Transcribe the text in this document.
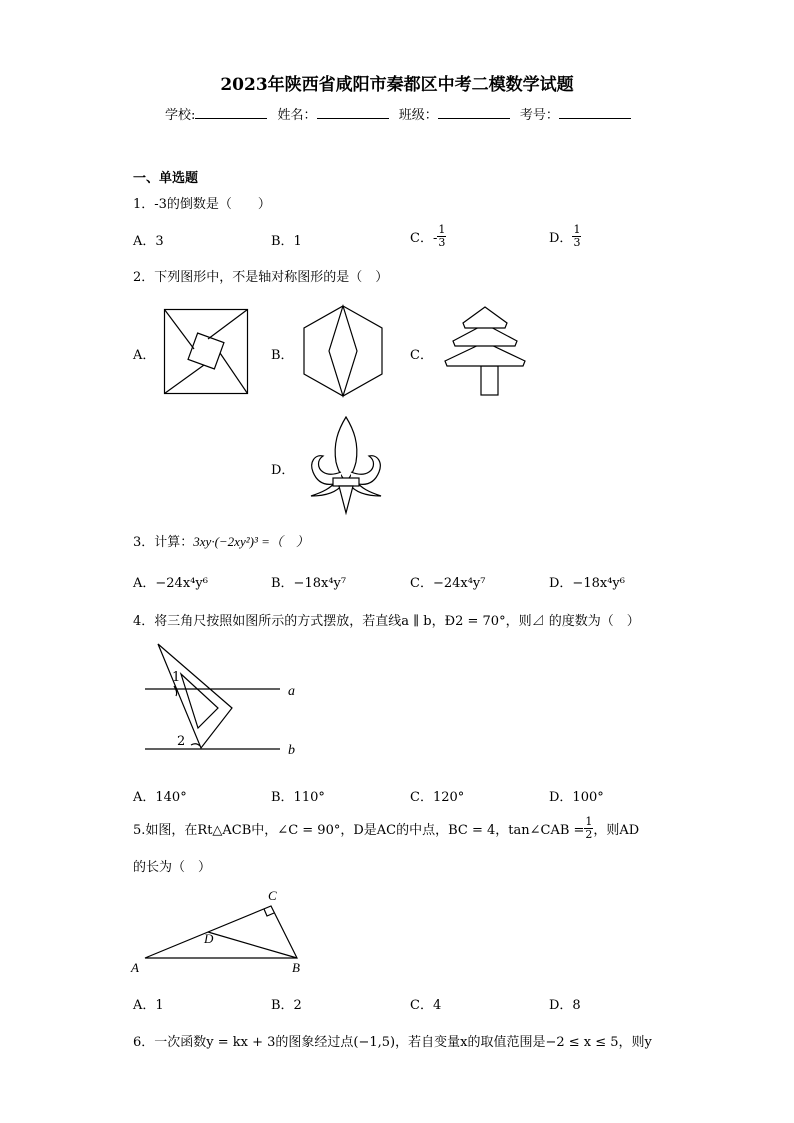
2023年陕西省咸阳市秦都区中考二模数学试题
学校:	姓名：	班级：	考号：
一、单选题
1．-3的倒数是（　　）
A．3	B．1	C．- $\frac{1}{3}$	D． $\frac{1}{3}$
2．下列图形中，不是轴对称图形的是（　）
A．	B．	C．
D．
3．计算：3xy·(−2xy²)³ =（　）
A．−24x⁴y⁶	B．−18x⁴y⁷	C．−24x⁴y⁷	D．−18x⁴y⁶
4．将三角尺按照如图所示的方式摆放，若直线a ∥ b，Ð2 = 70°，则⊿ 的度数为（　）
1
2
a
b
A．140°	B．110°	C．120°	D．100°
5.如图，在Rt△ACB中，∠C = 90°，D是AC的中点，BC = 4，tan∠CAB = $\frac{1}{2}$ ，则AD
的长为（　）
A	B
C
D
A．1	B．2	C．4	D．8
6．一次函数y = kx + 3的图象经过点(−1,5)，若自变量x的取值范围是−2 ≤ x ≤ 5，则y
